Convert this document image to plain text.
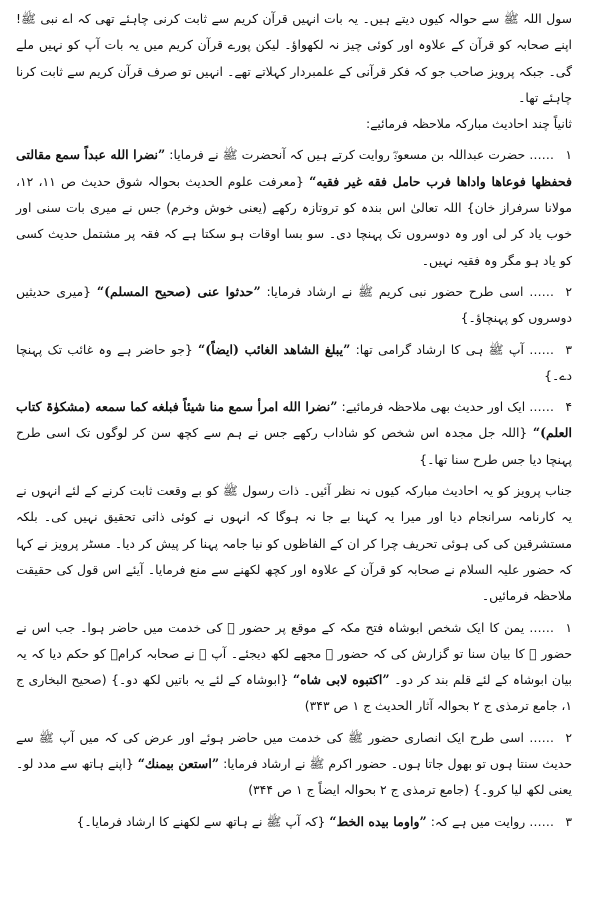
سول اللہ ﷺ سے حوالہ کیوں دیتے ہیں۔ یہ بات انہیں قرآن کریم سے ثابت کرنی چاہئے تھی کہ اے نبی ﷺ! اپنے صحابہ کو قرآن کے علاوہ اور کوئی چیز نہ لکھواؤ۔ لیکن پورے قرآن کریم میں یہ بات آپ کو نہیں ملے گی۔ جبکہ پرویز صاحب جو کہ فکر قرآنی کے علمبردار کہلاتے تھے۔ انہیں تو صرف قرآن کریم سے ثابت کرنا چاہئے تھا۔

ثانیاً چند احادیث مبارکہ ملاحظہ فرمائیے:

۱…… حضرت عبداللہ بن مسعودؓ روایت کرتے ہیں کہ آنحضرت ﷺ نے فرمایا: ”نضرا الله عبداً سمع مقالتی فحفظها فوعاها واداها فرب حامل فقه غیر فقیه“ {معرفت علوم الحدیث بحوالہ شوق حدیث ص ۱۱، ۱۲، مولانا سرفراز خان} اللہ تعالیٰ اس بندہ کو تروتازہ رکھے (یعنی خوش وخرم) جس نے میری بات سنی اور خوب یاد کر لی اور وہ دوسروں تک پہنچا دی۔ سو بسا اوقات ہو سکتا ہے کہ فقہ پر مشتمل حدیث کسی کو یاد ہو مگر وہ فقیہ نہیں۔

۲…… اسی طرح حضور نبی کریم ﷺ نے ارشاد فرمایا: ”حدثوا عنی (صحیح المسلم)“ {میری حدیثیں دوسروں کو پہنچاؤ۔}

۳…… آپ ﷺ ہی کا ارشاد گرامی تھا: ”یبلغ الشاهد الغائب (ایضاً)“ {جو حاضر ہے وہ غائب تک پہنچا دے۔}

۴…… ایک اور حدیث بھی ملاحظہ فرمائیے: ”نضرا الله امرأ سمع منا شیئاً فبلغه کما سمعه (مشکوٰۃ کتاب العلم)“ {اللہ جل مجدہ اس شخص کو شاداب رکھے جس نے ہم سے کچھ سن کر لوگوں تک اسی طرح پہنچا دیا جس طرح سنا تھا۔}

جناب پرویز کو یہ احادیث مبارکہ کیوں نہ نظر آئیں۔ ذات رسول ﷺ کو بے وقعت ثابت کرنے کے لئے انہوں نے یہ کارنامہ سرانجام دیا اور میرا یہ کہنا بے جا نہ ہوگا کہ انہوں نے کوئی ذاتی تحقیق نہیں کی۔ بلکہ مستشرقین کی کی ہوئی تحریف چرا کر ان کے الفاظوں کو نیا جامہ پہنا کر پیش کر دیا۔ مسٹر پرویز نے کہا کہ حضور علیہ السلام نے صحابہ کو قرآن کے علاوہ اور کچھ لکھنے سے منع فرمایا۔ آیئے اس قول کی حقیقت ملاحظہ فرمائیں۔

۱…… یمن کا ایک شخص ابوشاہ فتح مکہ کے موقع پر حضور ﷺ کی خدمت میں حاضر ہوا۔ جب اس نے حضور ﷺ کا بیان سنا تو گزارش کی کہ حضور ﷺ مجھے لکھ دیجئے۔ آپ ﷺ نے صحابہ کرامؓ کو حکم دیا کہ یہ بیان ابوشاہ کے لئے قلم بند کر دو۔ ”اکتبوه لابی شاه“ {ابوشاہ کے لئے یہ باتیں لکھ دو۔} (صحیح البخاری ج ۱، جامع ترمذی ج ۲ بحوالہ آثار الحدیث ج ۱ ص ۳۴۳)

۲…… اسی طرح ایک انصاری حضور ﷺ کی خدمت میں حاضر ہوئے اور عرض کی کہ میں آپ ﷺ سے حدیث سنتا ہوں تو بھول جاتا ہوں۔ حضور اکرم ﷺ نے ارشاد فرمایا: ”استعن بیمنك“ {اپنے ہاتھ سے مدد لو۔ یعنی لکھ لیا کرو۔} (جامع ترمذی ج ۲ بحوالہ ایضاً ج ۱ ص ۳۴۴)

۳…… روایت میں ہے کہ: ”واوما بیده الخط“ {کہ آپ ﷺ نے ہاتھ سے لکھنے کا ارشاد فرمایا۔}
